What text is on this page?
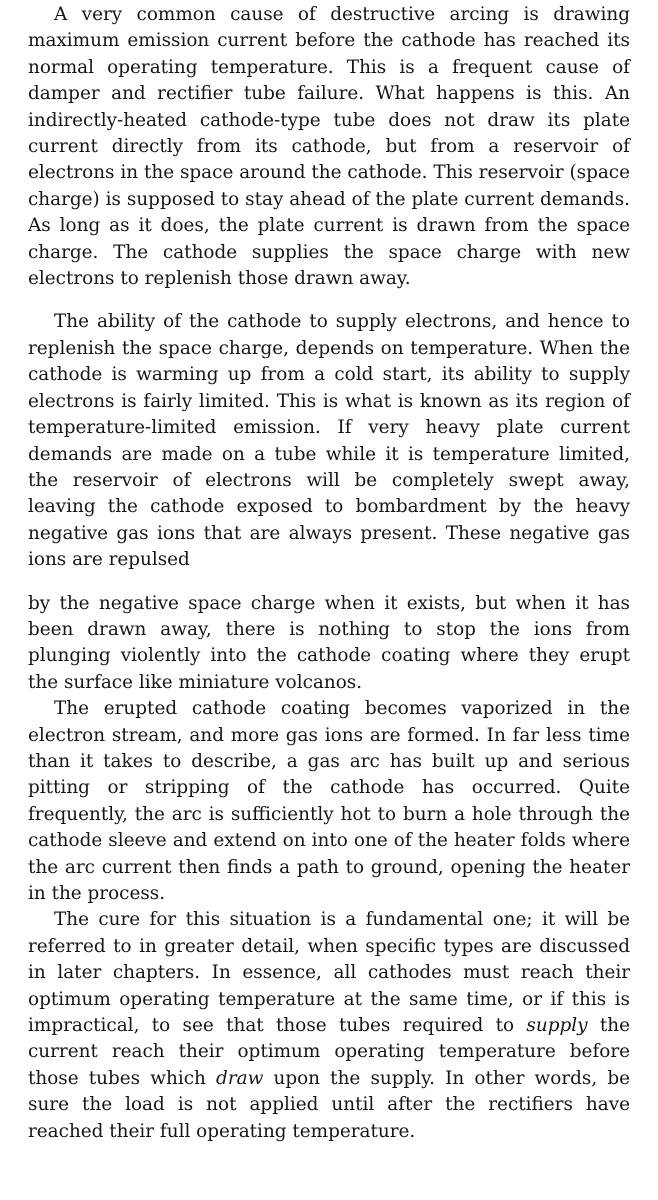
A very common cause of destructive arcing is drawing maximum emission current before the cathode has reached its normal operating temperature. This is a frequent cause of damper and rectifier tube failure. What happens is this. An indirectly-heated cathode-type tube does not draw its plate current directly from its cathode, but from a reservoir of electrons in the space around the cathode. This reservoir (space charge) is supposed to stay ahead of the plate current demands. As long as it does, the plate current is drawn from the space charge. The cathode supplies the space charge with new electrons to replenish those drawn away.

The ability of the cathode to supply electrons, and hence to replenish the space charge, depends on temperature. When the cathode is warming up from a cold start, its ability to supply electrons is fairly limited. This is what is known as its region of temperature-limited emission. If very heavy plate current demands are made on a tube while it is temperature limited, the reservoir of electrons will be completely swept away, leaving the cathode exposed to bombardment by the heavy negative gas ions that are always present. These negative gas ions are repulsed

by the negative space charge when it exists, but when it has been drawn away, there is nothing to stop the ions from plunging violently into the cathode coating where they erupt the surface like miniature volcanos.

The erupted cathode coating becomes vaporized in the electron stream, and more gas ions are formed. In far less time than it takes to describe, a gas arc has built up and serious pitting or stripping of the cathode has occurred. Quite frequently, the arc is sufficiently hot to burn a hole through the cathode sleeve and extend on into one of the heater folds where the arc current then finds a path to ground, opening the heater in the process.

The cure for this situation is a fundamental one; it will be referred to in greater detail, when specific types are discussed in later chapters. In essence, all cathodes must reach their optimum operating temperature at the same time, or if this is impractical, to see that those tubes required to supply the current reach their optimum operating temperature before those tubes which draw upon the supply. In other words, be sure the load is not applied until after the rectifiers have reached their full operating temperature.
